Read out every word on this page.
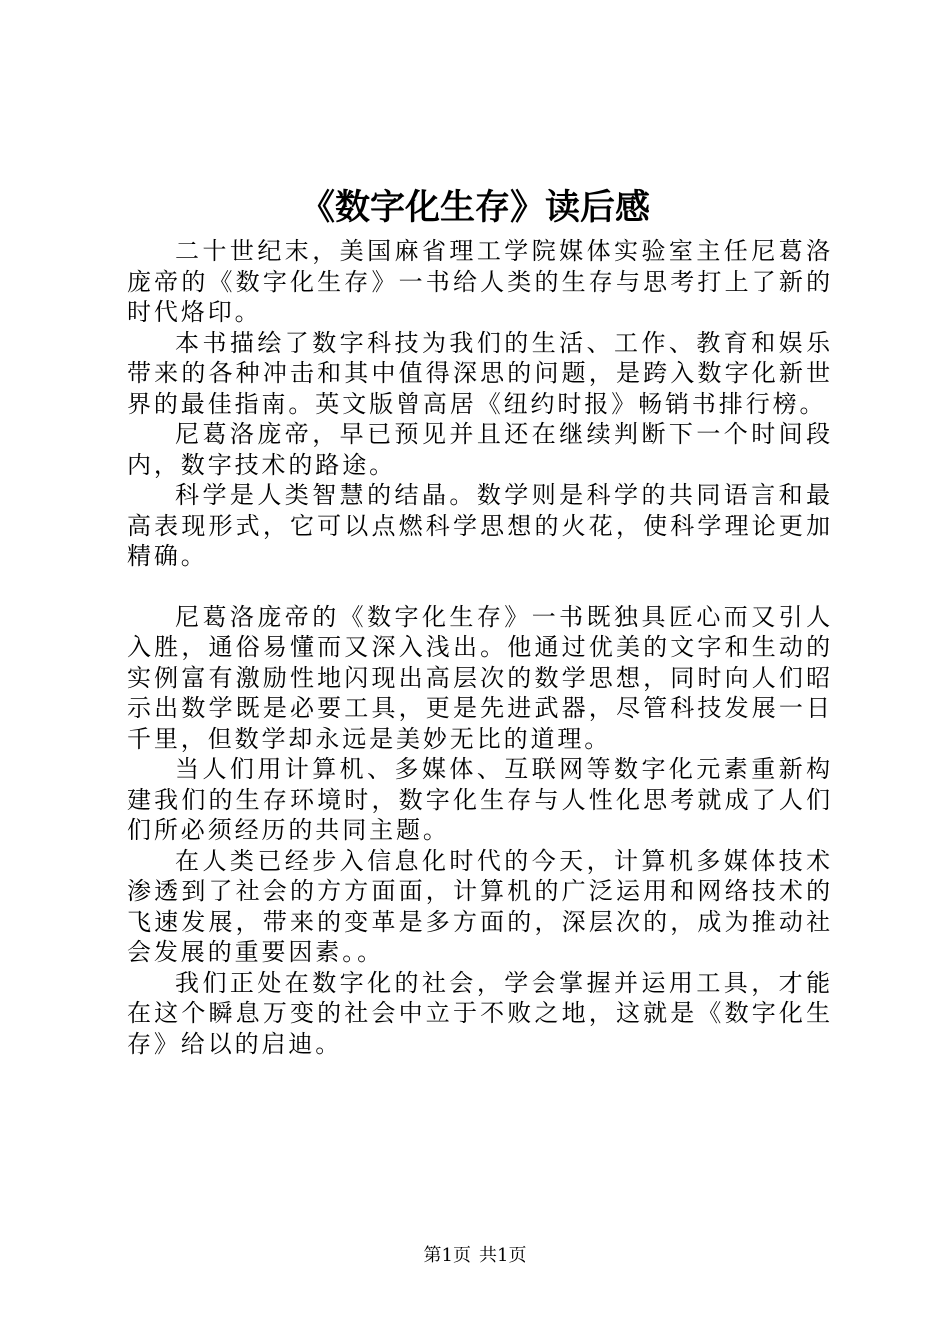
《数字化生存》读后感

二十世纪末，美国麻省理工学院媒体实验室主任尼葛洛庞帝的《数字化生存》一书给人类的生存与思考打上了新的时代烙印。

本书描绘了数字科技为我们的生活、工作、教育和娱乐带来的各种冲击和其中值得深思的问题，是跨入数字化新世界的最佳指南。英文版曾高居《纽约时报》畅销书排行榜。

尼葛洛庞帝，早已预见并且还在继续判断下一个时间段内，数字技术的路途。

科学是人类智慧的结晶。数学则是科学的共同语言和最高表现形式，它可以点燃科学思想的火花，使科学理论更加精确。

尼葛洛庞帝的《数字化生存》一书既独具匠心而又引人入胜，通俗易懂而又深入浅出。他通过优美的文字和生动的实例富有激励性地闪现出高层次的数学思想，同时向人们昭示出数学既是必要工具，更是先进武器，尽管科技发展一日千里，但数学却永远是美妙无比的道理。

当人们用计算机、多媒体、互联网等数字化元素重新构建我们的生存环境时，数字化生存与人性化思考就成了人们们所必须经历的共同主题。

在人类已经步入信息化时代的今天，计算机多媒体技术渗透到了社会的方方面面，计算机的广泛运用和网络技术的飞速发展，带来的变革是多方面的，深层次的，成为推动社会发展的重要因素。。

我们正处在数字化的社会，学会掌握并运用工具，才能在这个瞬息万变的社会中立于不败之地，这就是《数字化生存》给以的启迪。

第1页 共1页
